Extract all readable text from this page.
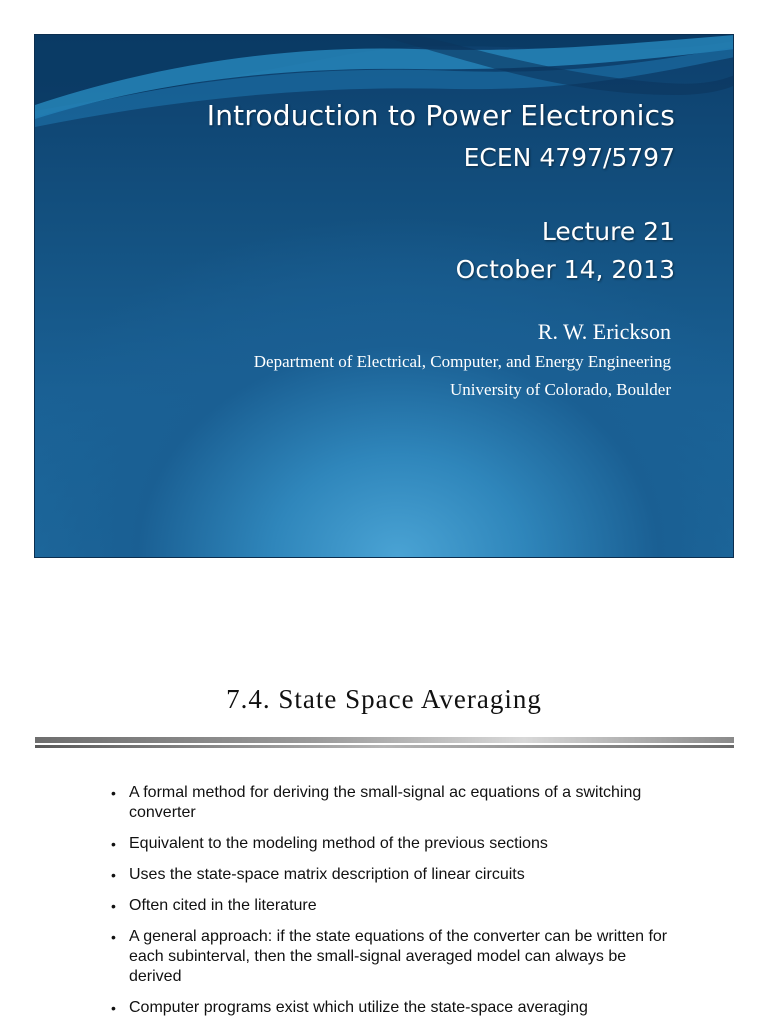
Introduction to Power Electronics
ECEN 4797/5797
Lecture 21
October 14, 2013
R. W. Erickson
Department of Electrical, Computer, and Energy Engineering
University of Colorado, Boulder
7.4. State Space Averaging
• A formal method for deriving the small-signal ac equations of a switching converter
• Equivalent to the modeling method of the previous sections
• Uses the state-space matrix description of linear circuits
• Often cited in the literature
• A general approach: if the state equations of the converter can be written for each subinterval, then the small-signal averaged model can always be derived
• Computer programs exist which utilize the state-space averaging
